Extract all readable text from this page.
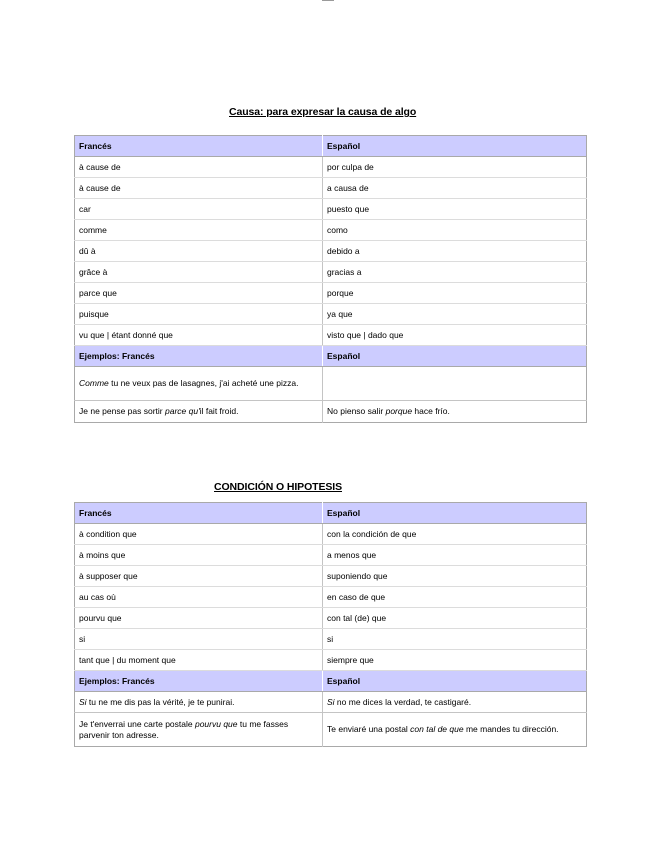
Causa: para expresar la causa de algo
Francés	Español
à cause de	por culpa de
à cause de	a causa de
car	puesto que
comme	como
dû à	debido a
grâce à	gracias a
parce que	porque
puisque	ya que
vu que | étant donné que	visto que | dado que
Ejemplos: Francés	Español
Comme tu ne veux pas de lasagnes, j'ai acheté une pizza.	
Je ne pense pas sortir parce qu'il fait froid.	No pienso salir porque hace frío.
CONDICIÓN O HIPOTESIS
Francés	Español
à condition que	con la condición de que
à moins que	a menos que
à supposer que	suponiendo que
au cas où	en caso de que
pourvu que	con tal (de) que
si	si
tant que | du moment que	siempre que
Ejemplos: Francés	Español
Si tu ne me dis pas la vérité, je te punirai.	Si no me dices la verdad, te castigaré.
Je t'enverrai une carte postale pourvu que tu me fasses parvenir ton adresse.	Te enviaré una postal con tal de que me mandes tu dirección.
